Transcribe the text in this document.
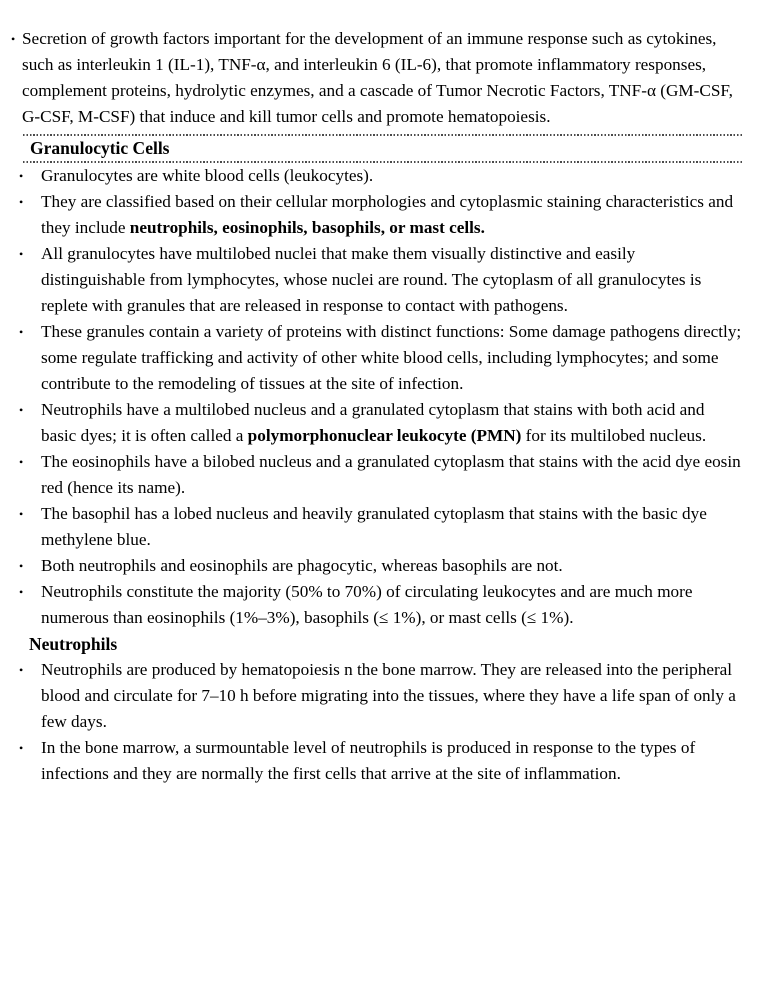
• Secretion of growth factors important for the development of an immune response such as cytokines, such as interleukin 1 (IL-1), TNF-α, and interleukin 6 (IL-6), that promote inflammatory responses, complement proteins, hydrolytic enzymes, and a cascade of Tumor Necrotic Factors, TNF-α (GM-CSF, G-CSF, M-CSF) that induce and kill tumor cells and promote hematopoiesis.
Granulocytic Cells
• Granulocytes are white blood cells (leukocytes).
• They are classified based on their cellular morphologies and cytoplasmic staining characteristics and they include neutrophils, eosinophils, basophils, or mast cells.
• All granulocytes have multilobed nuclei that make them visually distinctive and easily distinguishable from lymphocytes, whose nuclei are round. The cytoplasm of all granulocytes is replete with granules that are released in response to contact with pathogens.
• These granules contain a variety of proteins with distinct functions: Some damage pathogens directly; some regulate trafficking and activity of other white blood cells, including lymphocytes; and some contribute to the remodeling of tissues at the site of infection.
• Neutrophils have a multilobed nucleus and a granulated cytoplasm that stains with both acid and basic dyes; it is often called a polymorphonuclear leukocyte (PMN) for its multilobed nucleus.
• The eosinophils have a bilobed nucleus and a granulated cytoplasm that stains with the acid dye eosin red (hence its name).
• The basophil has a lobed nucleus and heavily granulated cytoplasm that stains with the basic dye methylene blue.
• Both neutrophils and eosinophils are phagocytic, whereas basophils are not.
• Neutrophils constitute the majority (50% to 70%) of circulating leukocytes and are much more numerous than eosinophils (1%–3%), basophils (≤ 1%), or mast cells (≤ 1%).
Neutrophils
• Neutrophils are produced by hematopoiesis n the bone marrow. They are released into the peripheral blood and circulate for 7–10 h before migrating into the tissues, where they have a life span of only a few days.
• In the bone marrow, a surmountable level of neutrophils is produced in response to the types of infections and they are normally the first cells that arrive at the site of inflammation.
